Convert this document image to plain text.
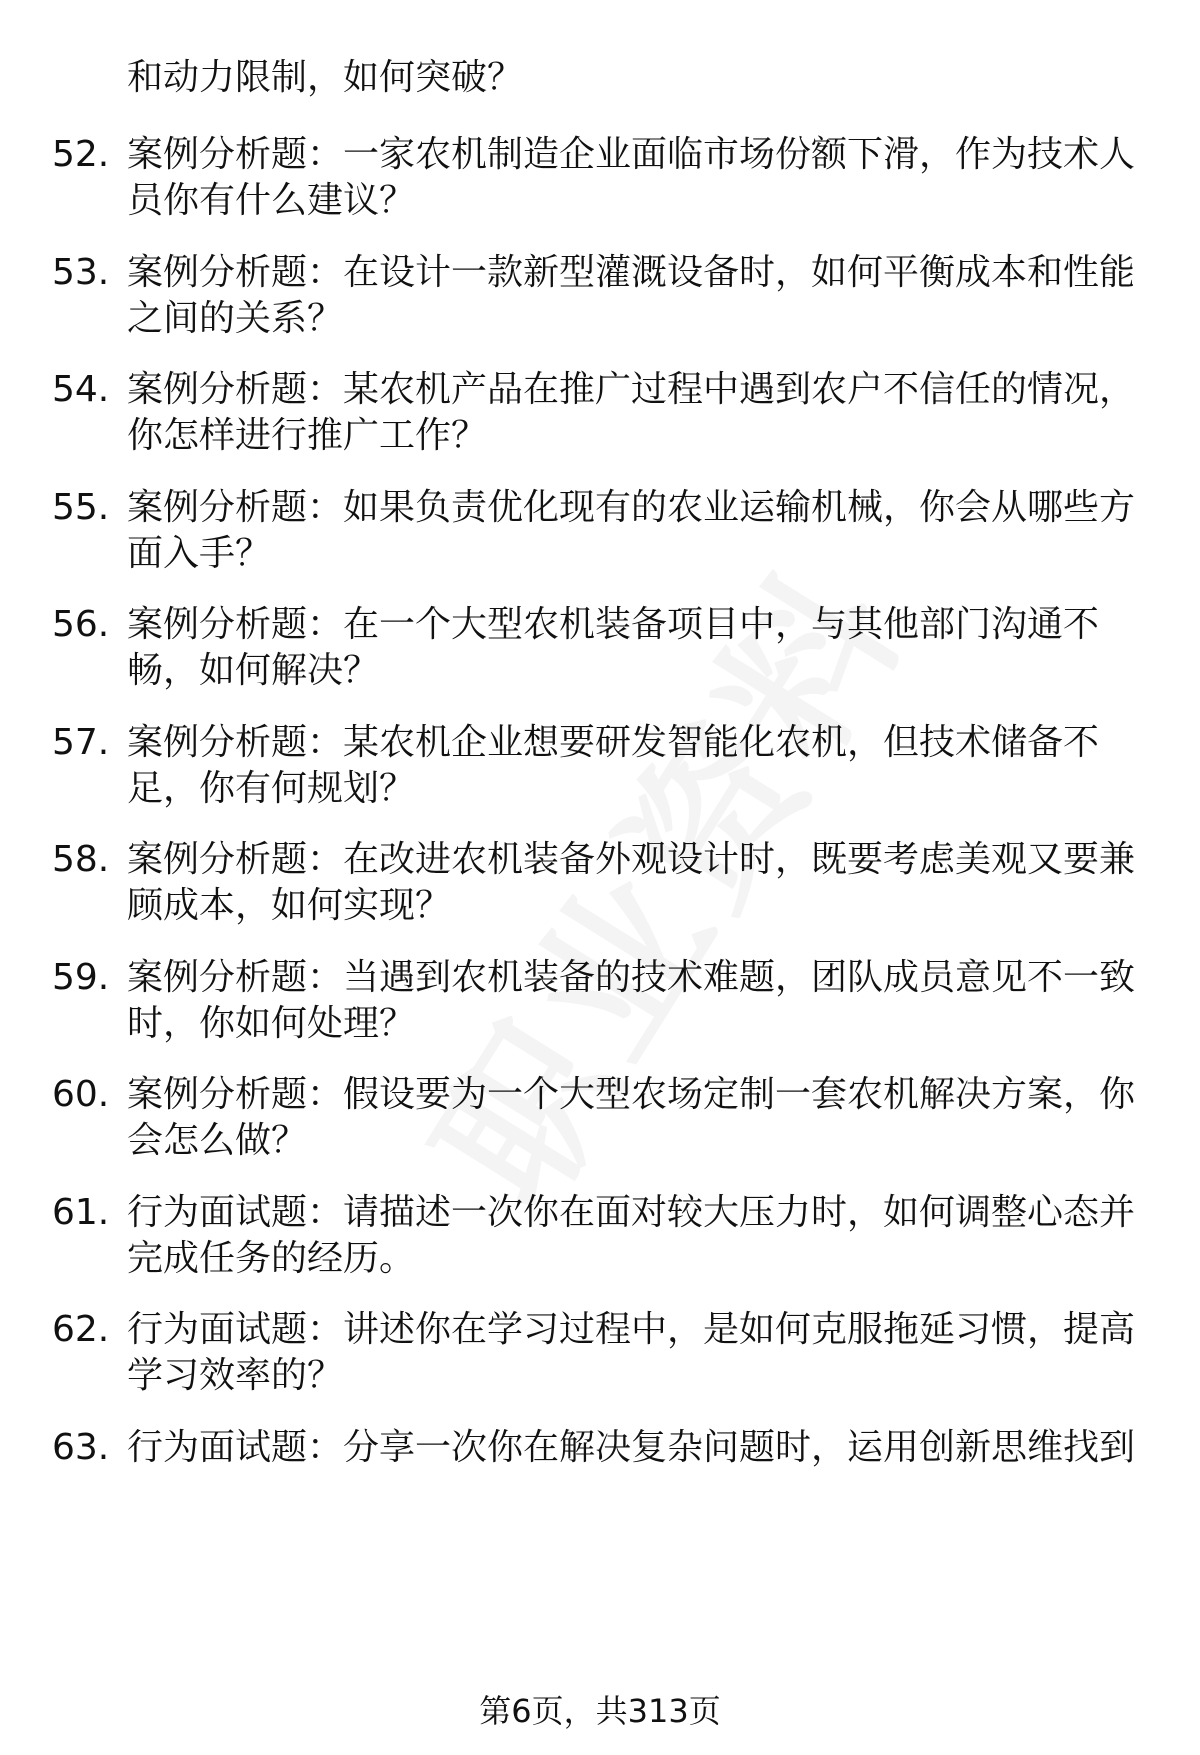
和动力限制，如何突破？
52. 案例分析题：一家农机制造企业面临市场份额下滑，作为技术人
员你有什么建议？
53. 案例分析题：在设计一款新型灌溉设备时，如何平衡成本和性能
之间的关系？
54. 案例分析题：某农机产品在推广过程中遇到农户不信任的情况，
你怎样进行推广工作？
55. 案例分析题：如果负责优化现有的农业运输机械，你会从哪些方
面入手？
56. 案例分析题：在一个大型农机装备项目中，与其他部门沟通不
畅，如何解决？
57. 案例分析题：某农机企业想要研发智能化农机，但技术储备不
足，你有何规划？
58. 案例分析题：在改进农机装备外观设计时，既要考虑美观又要兼
顾成本，如何实现？
59. 案例分析题：当遇到农机装备的技术难题，团队成员意见不一致
时，你如何处理？
60. 案例分析题：假设要为一个大型农场定制一套农机解决方案，你
会怎么做？
61. 行为面试题：请描述一次你在面对较大压力时，如何调整心态并
完成任务的经历。
62. 行为面试题：讲述你在学习过程中，是如何克服拖延习惯，提高
学习效率的？
63. 行为面试题：分享一次你在解决复杂问题时，运用创新思维找到
第6页，共313页
